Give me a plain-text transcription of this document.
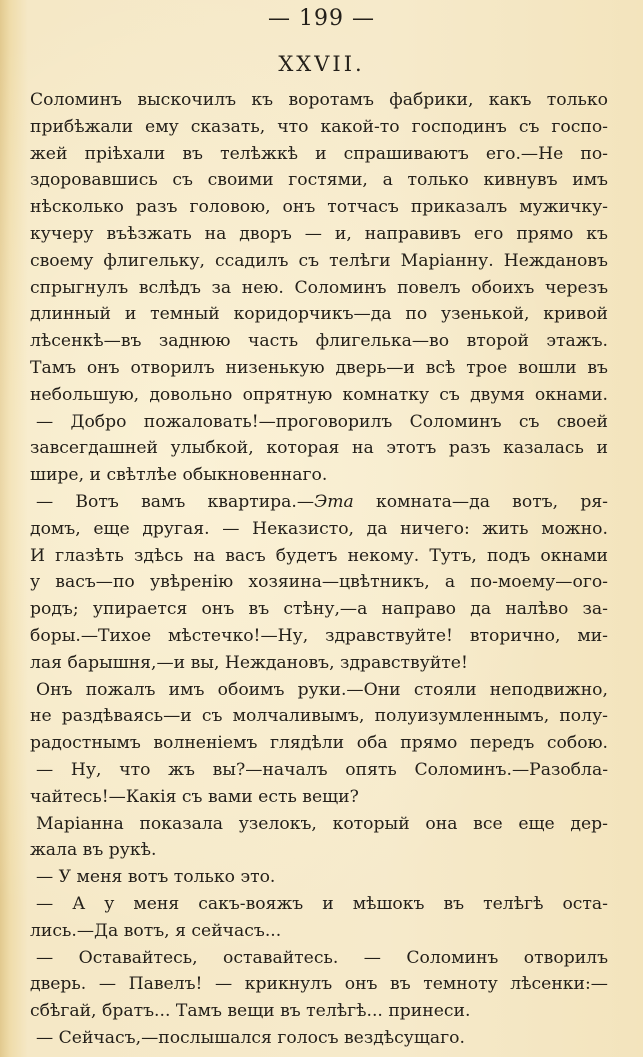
— 199 —
XXVII.
Соломинъ выскочилъ къ воротамъ фабрики, какъ только
прибѣжали ему сказать, что какой-то господинъ съ госпо-
жей пріѣхали въ телѣжкѣ и спрашиваютъ его.—Не по-
здоровавшись съ своими гостями, а только кивнувъ имъ
нѣсколько разъ головою, онъ тотчасъ приказалъ мужичку-
кучеру въѣзжать на дворъ — и, направивъ его прямо къ
своему флигельку, ссадилъ съ телѣги Маріанну. Неждановъ
спрыгнулъ вслѣдъ за нею. Соломинъ повелъ обоихъ черезъ
длинный и темный коридорчикъ—да по узенькой, кривой
лѣсенкѣ—въ заднюю часть флигелька—во второй этажъ.
Тамъ онъ отворилъ низенькую дверь—и всѣ трое вошли въ
небольшую, довольно опрятную комнатку съ двумя окнами.
— Добро пожаловать!—проговорилъ Соломинъ съ своей
завсегдашней улыбкой, которая на этотъ разъ казалась и
шире, и свѣтлѣе обыкновеннаго.
— Вотъ вамъ квартира.—Эта комната—да вотъ, ря-
домъ, еще другая. — Неказисто, да ничего: жить можно.
И глазѣть здѣсь на васъ будетъ некому. Тутъ, подъ окнами
у васъ—по увѣренію хозяина—цвѣтникъ, а по-моему—ого-
родъ; упирается онъ въ стѣну,—а направо да налѣво за-
боры.—Тихое мѣстечко!—Ну, здравствуйте! вторично, ми-
лая барышня,—и вы, Неждановъ, здравствуйте!
Онъ пожалъ имъ обоимъ руки.—Они стояли неподвижно,
не раздѣваясь—и съ молчаливымъ, полуизумленнымъ, полу-
радостнымъ волненіемъ глядѣли оба прямо передъ собою.
— Ну, что жъ вы?—началъ опять Соломинъ.—Разобла-
чайтесь!—Какія съ вами есть вещи?
Маріанна показала узелокъ, который она все еще дер-
жала въ рукѣ.
— У меня вотъ только это.
— А у меня сакъ-вояжъ и мѣшокъ въ телѣгѣ оста-
лись.—Да вотъ, я сейчасъ...
— Оставайтесь, оставайтесь. — Соломинъ отворилъ
дверь. — Павелъ! — крикнулъ онъ въ темноту лѣсенки:—
сбѣгай, братъ... Тамъ вещи въ телѣгѣ... принеси.
— Сейчасъ,—послышался голосъ вездѣсущаго.
